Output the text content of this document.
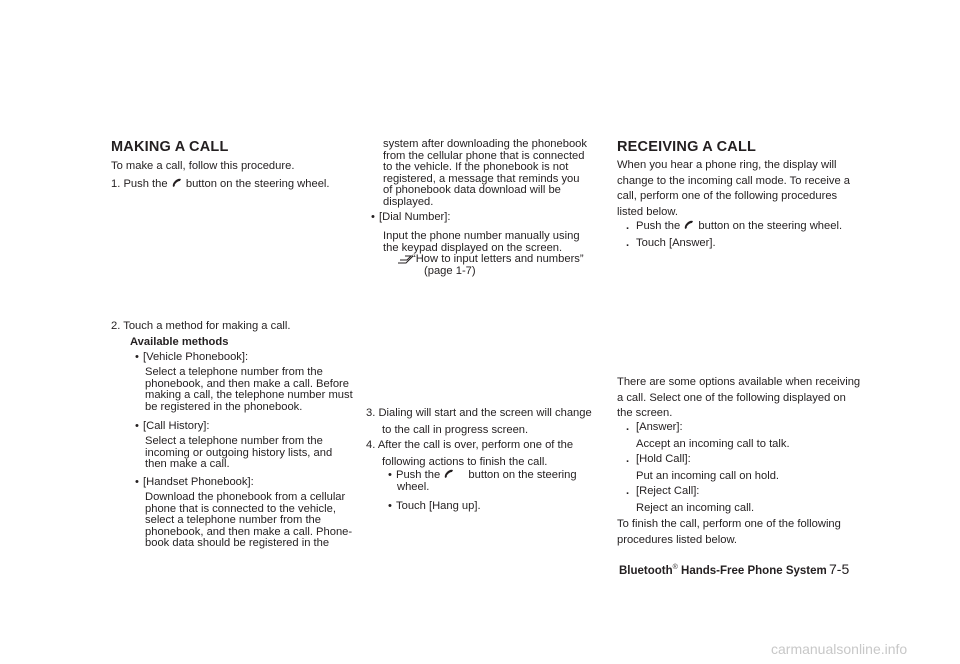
MAKING A CALL
To make a call, follow this procedure.
1. Push the button on the steering wheel.
2. Touch a method for making a call.
Available methods
• [Vehicle Phonebook]:
Select a telephone number from the
phonebook, and then make a call. Before
making a call, the telephone number must
be registered in the phonebook.
• [Call History]:
Select a telephone number from the
incoming or outgoing history lists, and
then make a call.
• [Handset Phonebook]:
Download the phonebook from a cellular
phone that is connected to the vehicle,
select a telephone number from the
phonebook, and then make a call. Phone-
book data should be registered in the
system after downloading the phonebook
from the cellular phone that is connected
to the vehicle. If the phonebook is not
registered, a message that reminds you
of phonebook data download will be
displayed.
• [Dial Number]:
Input the phone number manually using
the keypad displayed on the screen.
“How to input letters and numbers”
(page 1-7)
3. Dialing will start and the screen will change
to the call in progress screen.
4. After the call is over, perform one of the
following actions to finish the call.
• Push the	button on the steering
wheel.
• Touch [Hang up].
RECEIVING A CALL
When you hear a phone ring, the display will
change to the incoming call mode. To receive a
call, perform one of the following procedures
listed below.
. Push the button on the steering wheel.
. Touch [Answer].
There are some options available when receiving
a call. Select one of the following displayed on
the screen.
. [Answer]:
Accept an incoming call to talk.
. [Hold Call]:
Put an incoming call on hold.
. [Reject Call]:
Reject an incoming call.
To finish the call, perform one of the following
procedures listed below.
Bluetooth® Hands-Free Phone System 7-5
carmanualsonline.info
